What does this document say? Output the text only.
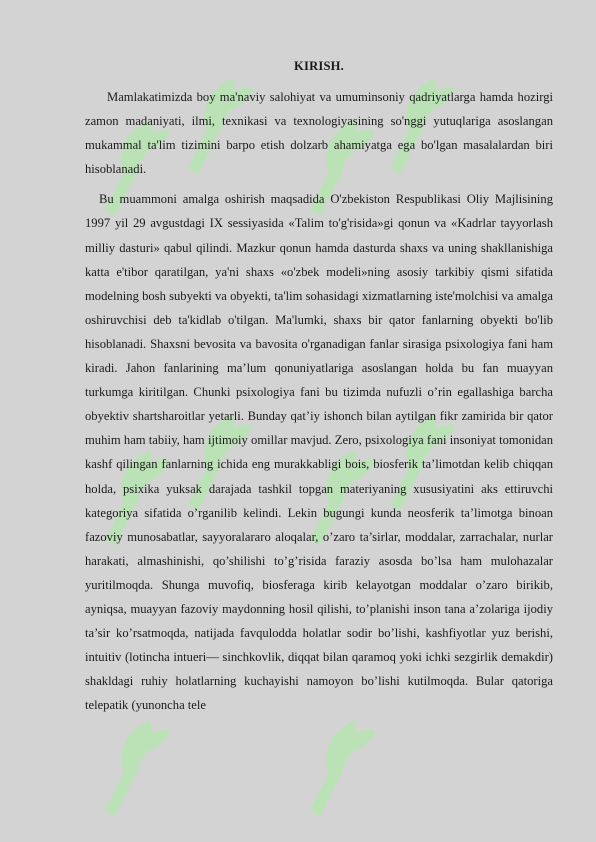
KIRISH.

Mamlakatimizda boy ma'naviy salohiyat va umuminsoniy qadriyatlarga hamda hozirgi zamon madaniyati, ilmi, texnikasi va texnologiyasining so'nggi yutuqlariga asoslangan mukammal ta'lim tizimini barpo etish dolzarb ahamiyatga ega bo'lgan masalalardan biri hisoblanadi.

Bu muammoni amalga oshirish maqsadida O'zbekiston Respublikasi Oliy Majlisining 1997 yil 29 avgustdagi IX sessiyasida «Talim to'g'risida»gi qonun va «Kadrlar tayyorlash milliy dasturi» qabul qilindi. Mazkur qonun hamda dasturda shaxs va uning shakllanishiga katta e'tibor qaratilgan, ya'ni shaxs «o'zbek modeli»ning asosiy tarkibiy qismi sifatida modelning bosh subyekti va obyekti, ta'lim sohasidagi xizmatlarning iste'molchisi va amalga oshiruvchisi deb ta'kidlab o'tilgan. Ma'lumki, shaxs bir qator fanlarning obyekti bo'lib hisoblanadi. Shaxsni bevosita va bavosita o'rganadigan fanlar sirasiga psixologiya fani ham kiradi. Jahon fanlarining ma’lum qonuniyatlariga asoslangan holda bu fan muayyan turkumga kiritilgan. Chunki psixologiya fani bu tizimda nufuzli o’rin egallashiga barcha obyektiv shartsharoitlar yetarli. Bunday qat’iy ishonch bilan aytilgan fikr zamirida bir qator muhim ham tabiiy, ham ijtimoiy omillar mavjud. Zero, psixologiya fani insoniyat tomonidan kashf qilingan fanlarning ichida eng murakkabligi bois, biosferik ta’limotdan kelib chiqqan holda, psixika yuksak darajada tashkil topgan materiyaning xususiyatini aks ettiruvchi kategoriya sifatida o’rganilib kelindi. Lekin bugungi kunda neosferik ta’limotga binoan fazoviy munosabatlar, sayyoralararo aloqalar, o’zaro ta’sirlar, moddalar, zarrachalar, nurlar harakati, almashinishi, qo’shilishi to’g’risida faraziy asosda bo’lsa ham mulohazalar yuritilmoqda. Shunga muvofiq, biosferaga kirib kelayotgan moddalar o’zaro birikib, ayniqsa, muayyan fazoviy maydonning hosil qilishi, to’planishi inson tana a’zolariga ijodiy ta’sir ko’rsatmoqda, natijada favqulodda holatlar sodir bo’lishi, kashfiyotlar yuz berishi, intuitiv (lotincha intueri— sinchkovlik, diqqat bilan qaramoq yoki ichki sezgirlik demakdir) shakldagi ruhiy holatlarning kuchayishi namoyon bo’lishi kutilmoqda. Bular qatoriga telepatik (yunoncha tele
